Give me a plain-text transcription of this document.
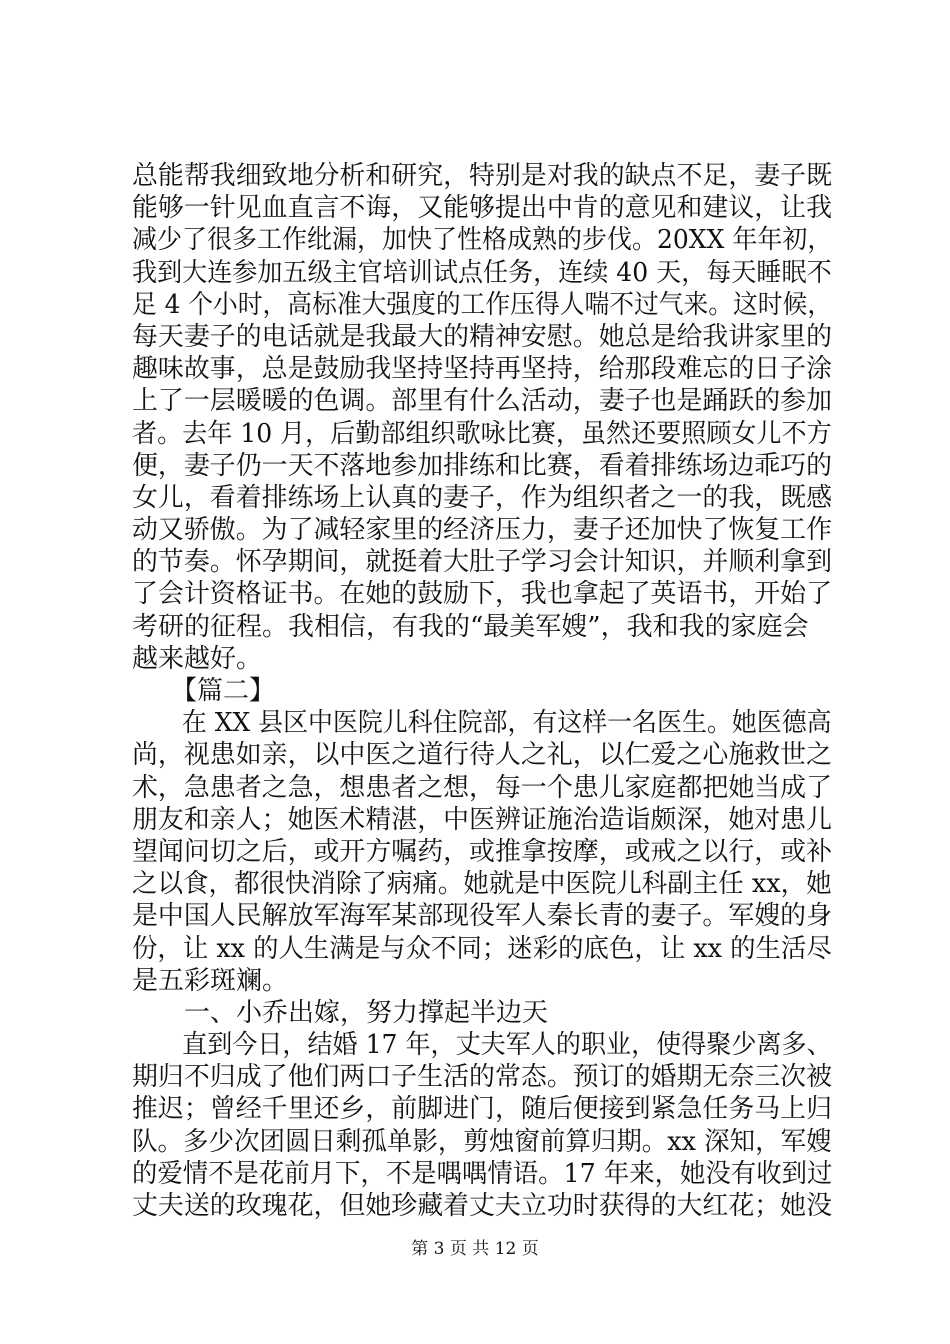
总能帮我细致地分析和研究，特别是对我的缺点不足，妻子既
能够一针见血直言不诲，又能够提出中肯的意见和建议，让我
减少了很多工作纰漏，加快了性格成熟的步伐。20XX 年年初，
我到大连参加五级主官培训试点任务，连续 40 天，每天睡眠不
足 4 个小时，高标准大强度的工作压得人喘不过气来。这时候，
每天妻子的电话就是我最大的精神安慰。她总是给我讲家里的
趣味故事，总是鼓励我坚持坚持再坚持，给那段难忘的日子涂
上了一层暖暖的色调。部里有什么活动，妻子也是踊跃的参加
者。去年 10 月，后勤部组织歌咏比赛，虽然还要照顾女儿不方
便，妻子仍一天不落地参加排练和比赛，看着排练场边乖巧的
女儿，看着排练场上认真的妻子，作为组织者之一的我，既感
动又骄傲。为了减轻家里的经济压力，妻子还加快了恢复工作
的节奏。怀孕期间，就挺着大肚子学习会计知识，并顺利拿到
了会计资格证书。在她的鼓励下，我也拿起了英语书，开始了
考研的征程。我相信，有我的“最美军嫂”，我和我的家庭会
越来越好。
　　【篇二】
　　在 XX 县区中医院儿科住院部，有这样一名医生。她医德高
尚，视患如亲，以中医之道行待人之礼，以仁爱之心施救世之
术，急患者之急，想患者之想，每一个患儿家庭都把她当成了
朋友和亲人；她医术精湛，中医辨证施治造诣颇深，她对患儿
望闻问切之后，或开方嘱药，或推拿按摩，或戒之以行，或补
之以食，都很快消除了病痛。她就是中医院儿科副主任 xx，她
是中国人民解放军海军某部现役军人秦长青的妻子。军嫂的身
份，让 xx 的人生满是与众不同；迷彩的底色，让 xx 的生活尽
是五彩斑斓。
　　一、小乔出嫁，努力撑起半边天
　　直到今日，结婚 17 年，丈夫军人的职业，使得聚少离多、
期归不归成了他们两口子生活的常态。预订的婚期无奈三次被
推迟；曾经千里还乡，前脚进门，随后便接到紧急任务马上归
队。多少次团圆日剩孤单影，剪烛窗前算归期。xx 深知，军嫂
的爱情不是花前月下，不是喁喁情语。17 年来，她没有收到过
丈夫送的玫瑰花，但她珍藏着丈夫立功时获得的大红花；她没
第 3 页 共 12 页
